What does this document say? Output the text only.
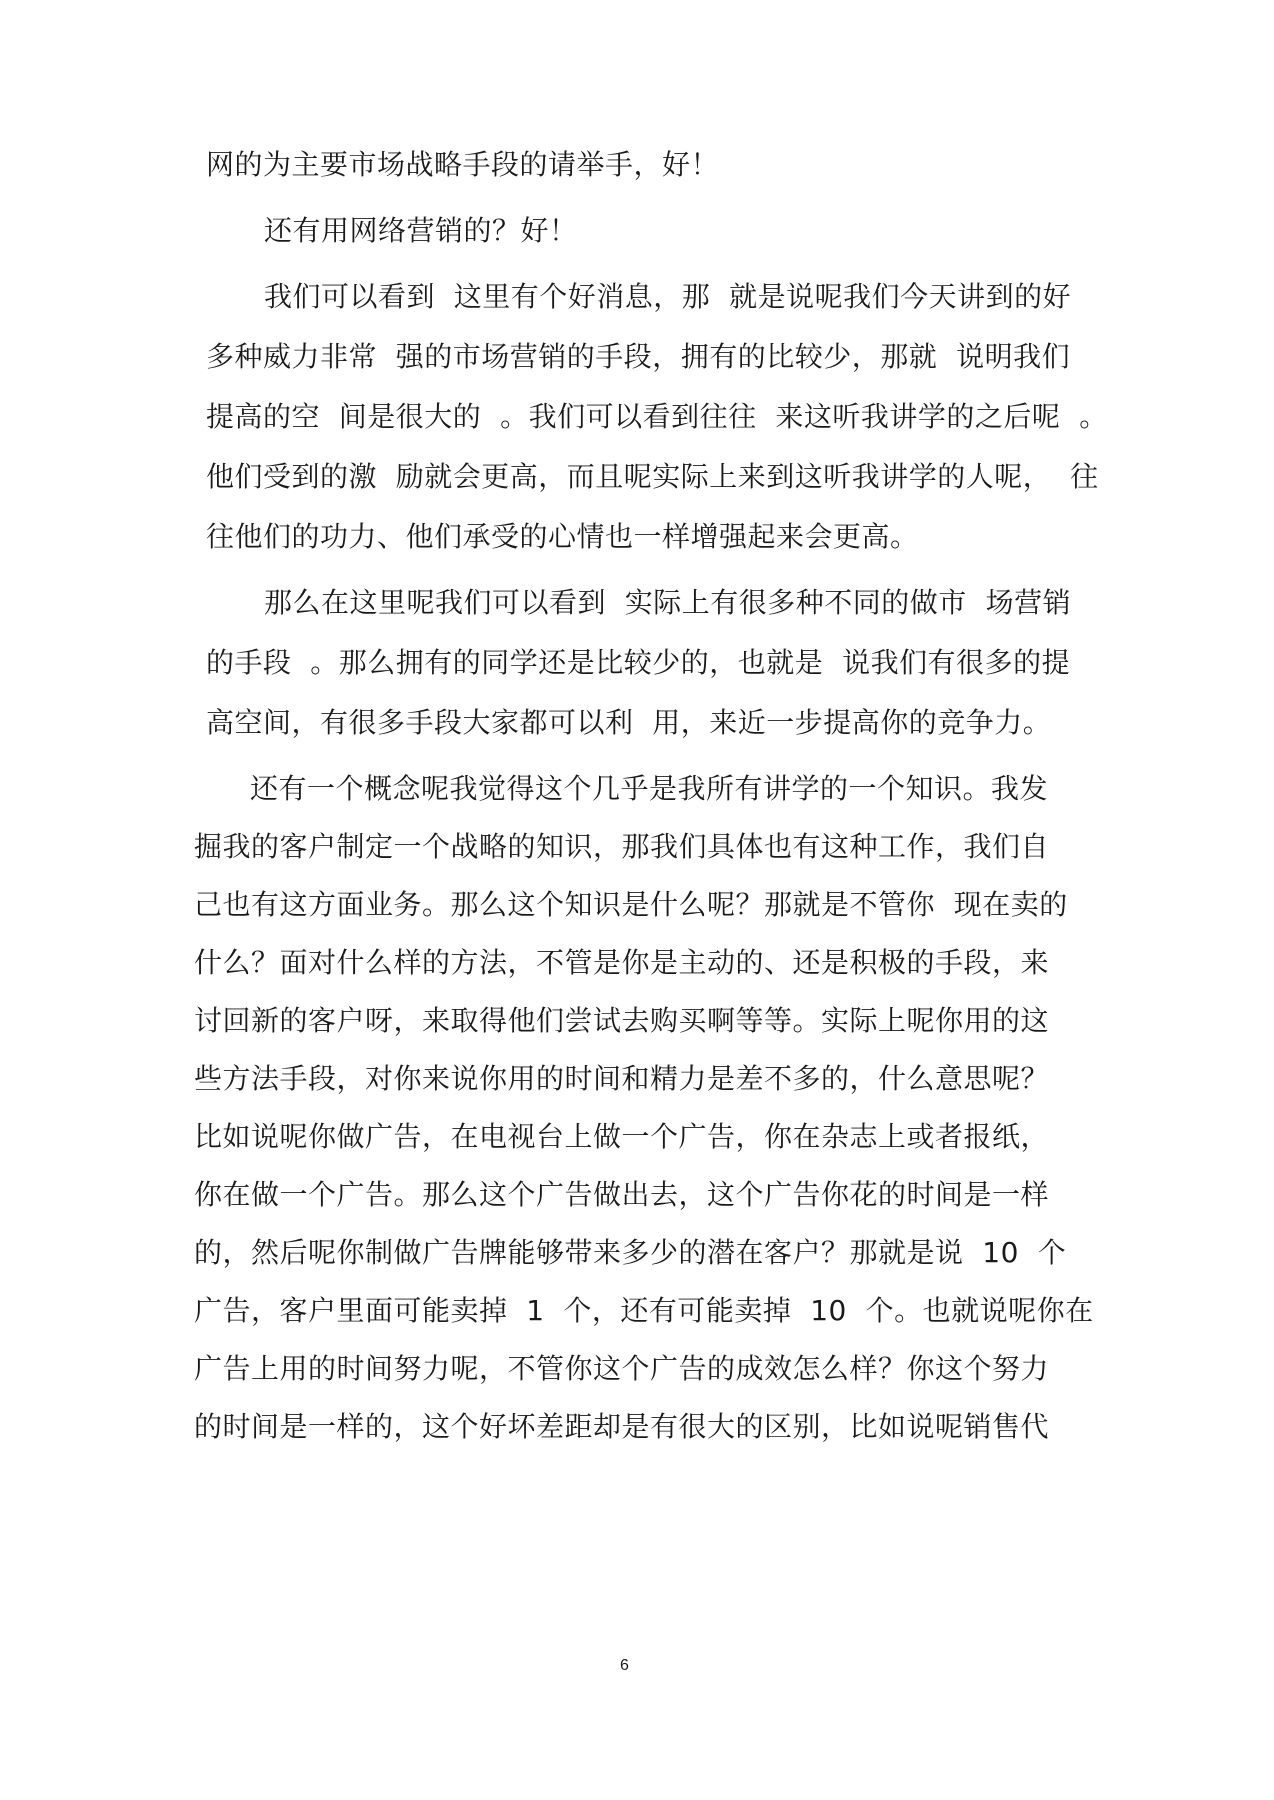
网的为主要市场战略手段的请举手，好！
还有用网络营销的？好！
我们可以看到  这里有个好消息，那  就是说呢我们今天讲到的好
多种威力非常  强的市场营销的手段，拥有的比较少，那就  说明我们
提高的空  间是很大的  。我们可以看到往往  来这听我讲学的之后呢  。
他们受到的激  励就会更高，而且呢实际上来到这听我讲学的人呢，  往
往他们的功力、他们承受的心情也一样增强起来会更高。
那么在这里呢我们可以看到  实际上有很多种不同的做市  场营销
的手段  。那么拥有的同学还是比较少的，也就是  说我们有很多的提
高空间，有很多手段大家都可以利  用，来近一步提高你的竞争力。
还有一个概念呢我觉得这个几乎是我所有讲学的一个知识。我发
掘我的客户制定一个战略的知识，那我们具体也有这种工作，我们自
己也有这方面业务。那么这个知识是什么呢？那就是不管你  现在卖的
什么？面对什么样的方法，不管是你是主动的、还是积极的手段，来
讨回新的客户呀，来取得他们尝试去购买啊等等。实际上呢你用的这
些方法手段，对你来说你用的时间和精力是差不多的，什么意思呢？
比如说呢你做广告，在电视台上做一个广告，你在杂志上或者报纸，
你在做一个广告。那么这个广告做出去，这个广告你花的时间是一样
的，然后呢你制做广告牌能够带来多少的潜在客户？那就是说  10  个
广告，客户里面可能卖掉  1  个，还有可能卖掉  10  个。也就说呢你在
广告上用的时间努力呢，不管你这个广告的成效怎么样？你这个努力
的时间是一样的，这个好坏差距却是有很大的区别，比如说呢销售代
6
